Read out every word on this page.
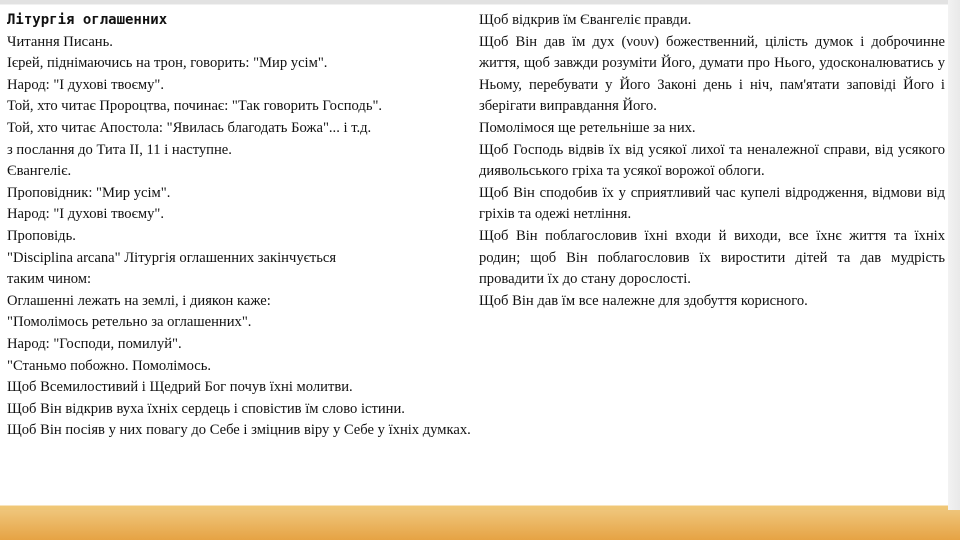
Літургія оглашенних
Читання Писань.
Ієрей, піднімаючись на трон, говорить: "Мир усім".
Народ: "І духові твоєму".
Той, хто читає Пророцтва, починає: "Так говорить Господь".
Той, хто читає Апостола: "Явилась благодать Божа"... і т.д.
з послання до Тита II, 11 і наступне.
Євангеліє.
Проповідник: "Мир усім".
Народ: "І духові твоєму".
Проповідь.
"Disciplina arcana" Літургія оглашенних закінчується
таким чином:
Оглашенні лежать на землі, і диякон каже:
"Помолімось ретельно за оглашенних".
Народ: "Господи, помилуй".
"Станьмо побожно. Помолімось.
Щоб Всемилостивий і Щедрий Бог почув їхні молитви.
Щоб Він відкрив вуха їхніх сердець і сповістив їм слово істини.
Щоб Він посіяв у них повагу до Себе і зміцнив віру у Себе у їхніх думках.
Щоб відкрив їм Євангеліє правди.
Щоб Він дав їм дух (νουν) божественний, цілість думок і доброчинне життя, щоб завжди розуміти Його, думати про Нього, удосконалюватись у Ньому, перебувати у Його Законі день і ніч, пам'ятати заповіді Його і зберігати виправдання Його.
Помолімося ще ретельніше за них.
Щоб Господь відвів їх від усякої лихої та неналежної справи, від усякого диявольського гріха та усякої ворожої облоги.
Щоб Він сподобив їх у сприятливий час купелі відродження, відмови від гріхів та одежі нетління.
Щоб Він поблагословив їхні входи й виходи, все їхнє життя та їхніх родин; щоб Він поблагословив їх виростити дітей та дав мудрість провадити їх до стану дорослості.
Щоб Він дав їм все належне для здобуття корисного.
